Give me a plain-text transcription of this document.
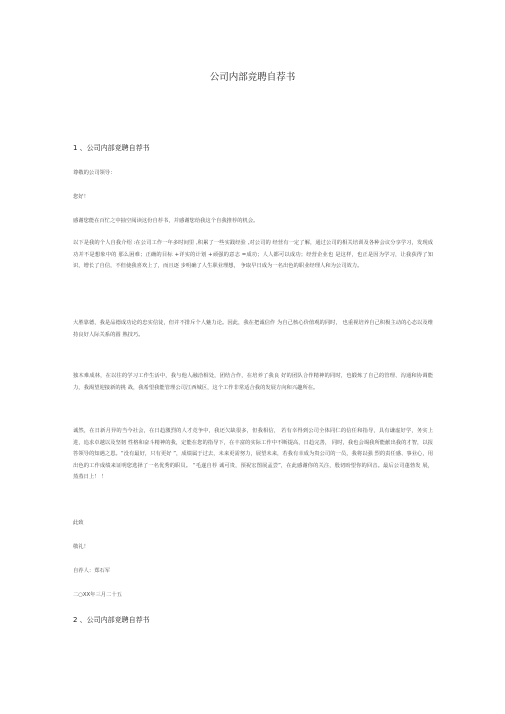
公司内部竞聘自荐书
1 、公司内部竞聘自荐书
尊敬的公司领导：
您好！
感谢您能在百忙之中抽空阅读这份自荐书，并感谢您给我这个自我推荐的机会。

以下是我的个人自我介绍 :在公司工作一年多时间里 ,积累了一些实践经验 ,对公司的 经营有一定了解，通过公司的相关培训及各种会议分享学习，发现成功并不是想象中的 那么困难；正确的目标 +详实的计划 +顽强的意志 =成功；人人都可以成功；经营企业也 是这样，也正是因为学习，让我获得了知识，增长了自信，不但使我喜欢上了，而且逐 步明确了人生职业理想， 争取早日成为一名出色的职业经理人和为公司效力。

大胜靠德，我是品德成功论的忠实信徒，但并不排斥个人魅力论。因此，我在把诚信作 为自己核心价值观的同时， 也重视培养自己积极主动的心态以及维持良好人际关系的圆 熟技巧。

独木难成林，在以往的学习工作生活中，我与他人融洽相处，团结合作，在培养了我良 好的团队合作精神的同时，也锻炼了自己的管理、沟通和协调能力，我渴望迎接新的挑 战，我希望我能管理公司江西城区，这个工作非常适合我的发展方向和兴趣所在。

诚然，在日新月异的当今社会，在日趋激烈的人才竞争中，我还欠缺很多，但我相信， 若有幸得到公司全体同仁的信任和指导，具有谦虚好学，务实上进，追求卓越以及坚韧 性格和奋斗精神的我，定能在您的指导下，在丰富的实际工作中不断提高，日趋完善， 同时，我也会竭我所能献出我的才智，以报答领导的知遇之恩。“没有最好，只有更好 ”，成绩属于过去，未来更需努力，展望未来，若我有幸成为贵公司的一员，我将以强 烈的责任感、事业心，用出色的工作成绩来证明您选择了一名优秀的职员。 “毛遂自荐 诚可贵，预祝宏图展孟尝”，在此感谢你的关注，殷切盼望你的回音。最后公司蓬勃发 展，蒸蒸日上！ ！

此致
敬礼！
自荐人：郑石军
二○XX年三月二十五
2 、公司内部竞聘自荐书
